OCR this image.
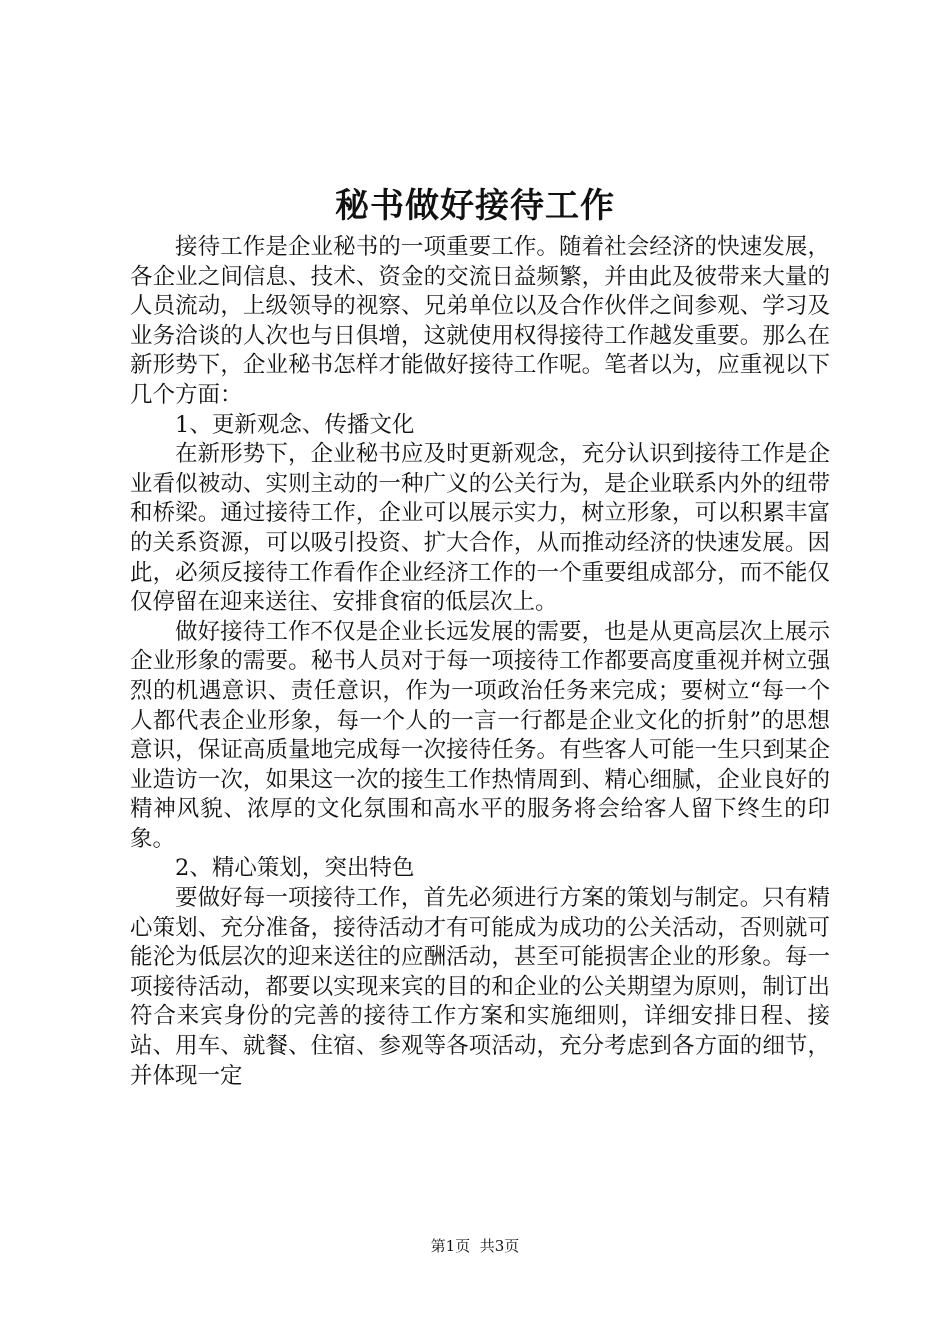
秘书做好接待工作

接待工作是企业秘书的一项重要工作。随着社会经济的快速发展，各企业之间信息、技术、资金的交流日益频繁，并由此及彼带来大量的人员流动，上级领导的视察、兄弟单位以及合作伙伴之间参观、学习及业务洽谈的人次也与日俱增，这就使用权得接待工作越发重要。那么在新形势下，企业秘书怎样才能做好接待工作呢。笔者以为，应重视以下几个方面：

1、更新观念、传播文化

在新形势下，企业秘书应及时更新观念，充分认识到接待工作是企业看似被动、实则主动的一种广义的公关行为，是企业联系内外的纽带和桥梁。通过接待工作，企业可以展示实力，树立形象，可以积累丰富的关系资源，可以吸引投资、扩大合作，从而推动经济的快速发展。因此，必须反接待工作看作企业经济工作的一个重要组成部分，而不能仅仅停留在迎来送往、安排食宿的低层次上。

做好接待工作不仅是企业长远发展的需要，也是从更高层次上展示企业形象的需要。秘书人员对于每一项接待工作都要高度重视并树立强烈的机遇意识、责任意识，作为一项政治任务来完成；要树立“每一个人都代表企业形象，每一个人的一言一行都是企业文化的折射”的思想意识，保证高质量地完成每一次接待任务。有些客人可能一生只到某企业造访一次，如果这一次的接生工作热情周到、精心细腻，企业良好的精神风貌、浓厚的文化氛围和高水平的服务将会给客人留下终生的印象。

2、精心策划，突出特色

要做好每一项接待工作，首先必须进行方案的策划与制定。只有精心策划、充分准备，接待活动才有可能成为成功的公关活动，否则就可能沦为低层次的迎来送往的应酬活动，甚至可能损害企业的形象。每一项接待活动，都要以实现来宾的目的和企业的公关期望为原则，制订出符合来宾身份的完善的接待工作方案和实施细则，详细安排日程、接站、用车、就餐、住宿、参观等各项活动，充分考虑到各方面的细节，并体现一定

第1页 共3页
